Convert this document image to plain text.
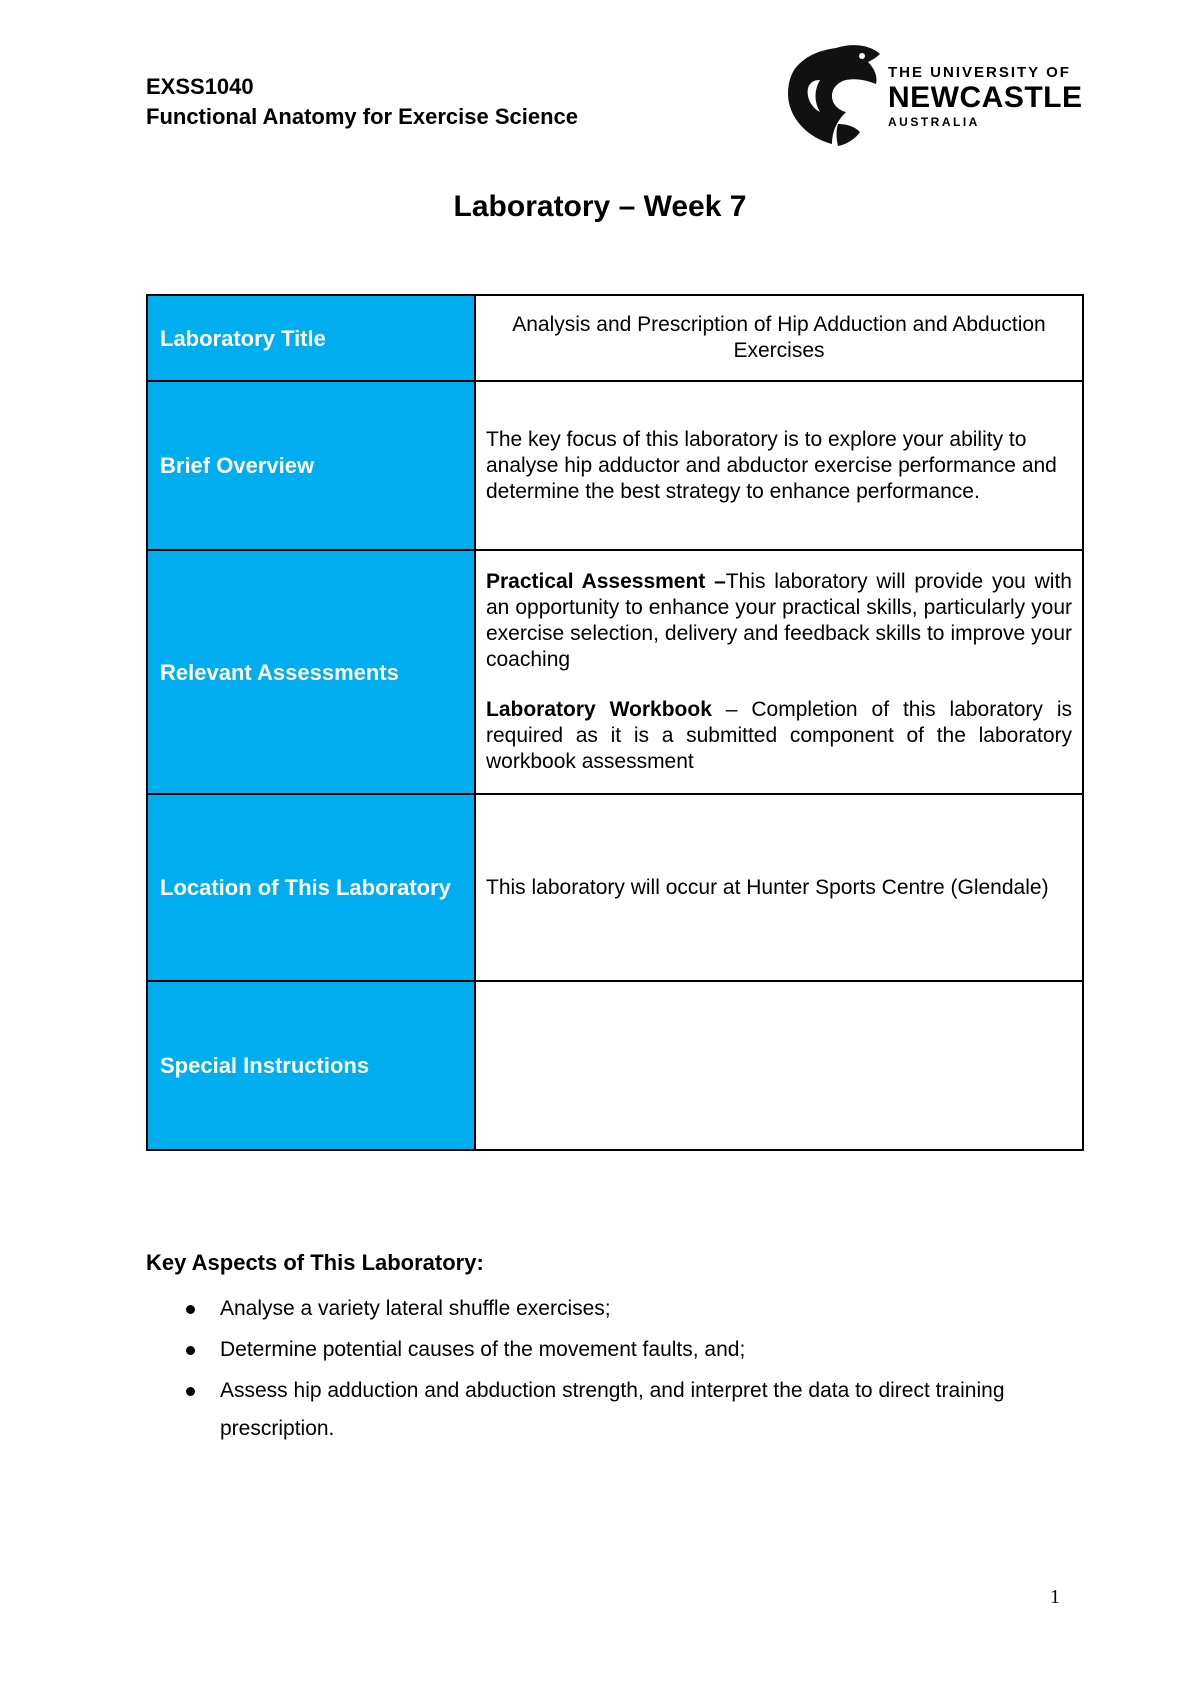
EXSS1040
Functional Anatomy for Exercise Science
THE UNIVERSITY OF
NEWCASTLE
AUSTRALIA
Laboratory – Week 7
Laboratory Title	Analysis and Prescription of Hip Adduction and Abduction Exercises
Brief Overview	The key focus of this laboratory is to explore your ability to analyse hip adductor and abductor exercise performance and determine the best strategy to enhance performance.
Relevant Assessments	Practical Assessment –This laboratory will provide you with an opportunity to enhance your practical skills, particularly your exercise selection, delivery and feedback skills to improve your coaching
Laboratory Workbook – Completion of this laboratory is required as it is a submitted component of the laboratory workbook assessment

Location of This Laboratory	This laboratory will occur at Hunter Sports Centre (Glendale)
Special Instructions	
Key Aspects of This Laboratory:
Analyse a variety lateral shuffle exercises;
Determine potential causes of the movement faults, and;
Assess hip adduction and abduction strength, and interpret the data to direct training prescription.
1
